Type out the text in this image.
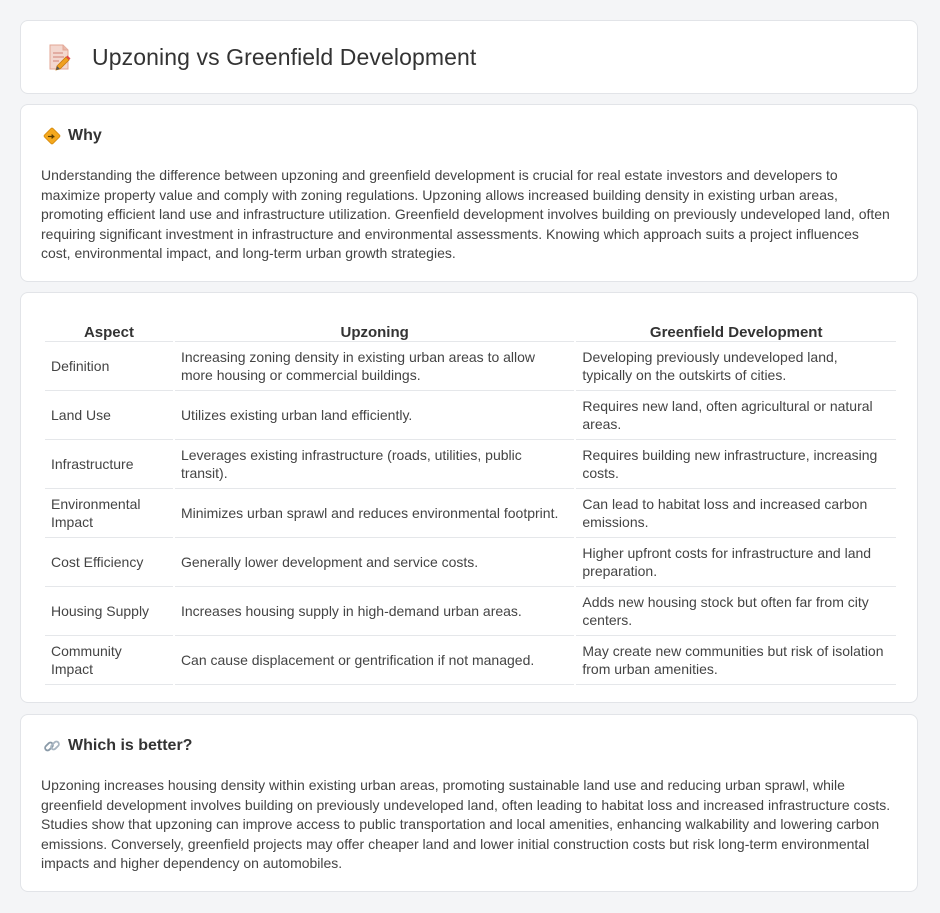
Upzoning vs Greenfield Development
Why

Understanding the difference between upzoning and greenfield development is crucial for real estate investors and developers to maximize property value and comply with zoning regulations. Upzoning allows increased building density in existing urban areas, promoting efficient land use and infrastructure utilization. Greenfield development involves building on previously undeveloped land, often requiring significant investment in infrastructure and environmental assessments. Knowing which approach suits a project influences cost, environmental impact, and long-term urban growth strategies.

Aspect	Upzoning	Greenfield Development
Definition	Increasing zoning density in existing urban areas to allow more housing or commercial buildings.	Developing previously undeveloped land, typically on the outskirts of cities.
Land Use	Utilizes existing urban land efficiently.	Requires new land, often agricultural or natural areas.
Infrastructure	Leverages existing infrastructure (roads, utilities, public transit).	Requires building new infrastructure, increasing costs.
Environmental Impact	Minimizes urban sprawl and reduces environmental footprint.	Can lead to habitat loss and increased carbon emissions.
Cost Efficiency	Generally lower development and service costs.	Higher upfront costs for infrastructure and land preparation.
Housing Supply	Increases housing supply in high-demand urban areas.	Adds new housing stock but often far from city centers.
Community Impact	Can cause displacement or gentrification if not managed.	May create new communities but risk of isolation from urban amenities.
Which is better?

Upzoning increases housing density within existing urban areas, promoting sustainable land use and reducing urban sprawl, while greenfield development involves building on previously undeveloped land, often leading to habitat loss and increased infrastructure costs. Studies show that upzoning can improve access to public transportation and local amenities, enhancing walkability and lowering carbon emissions. Conversely, greenfield projects may offer cheaper land and lower initial construction costs but risk long-term environmental impacts and higher dependency on automobiles.
